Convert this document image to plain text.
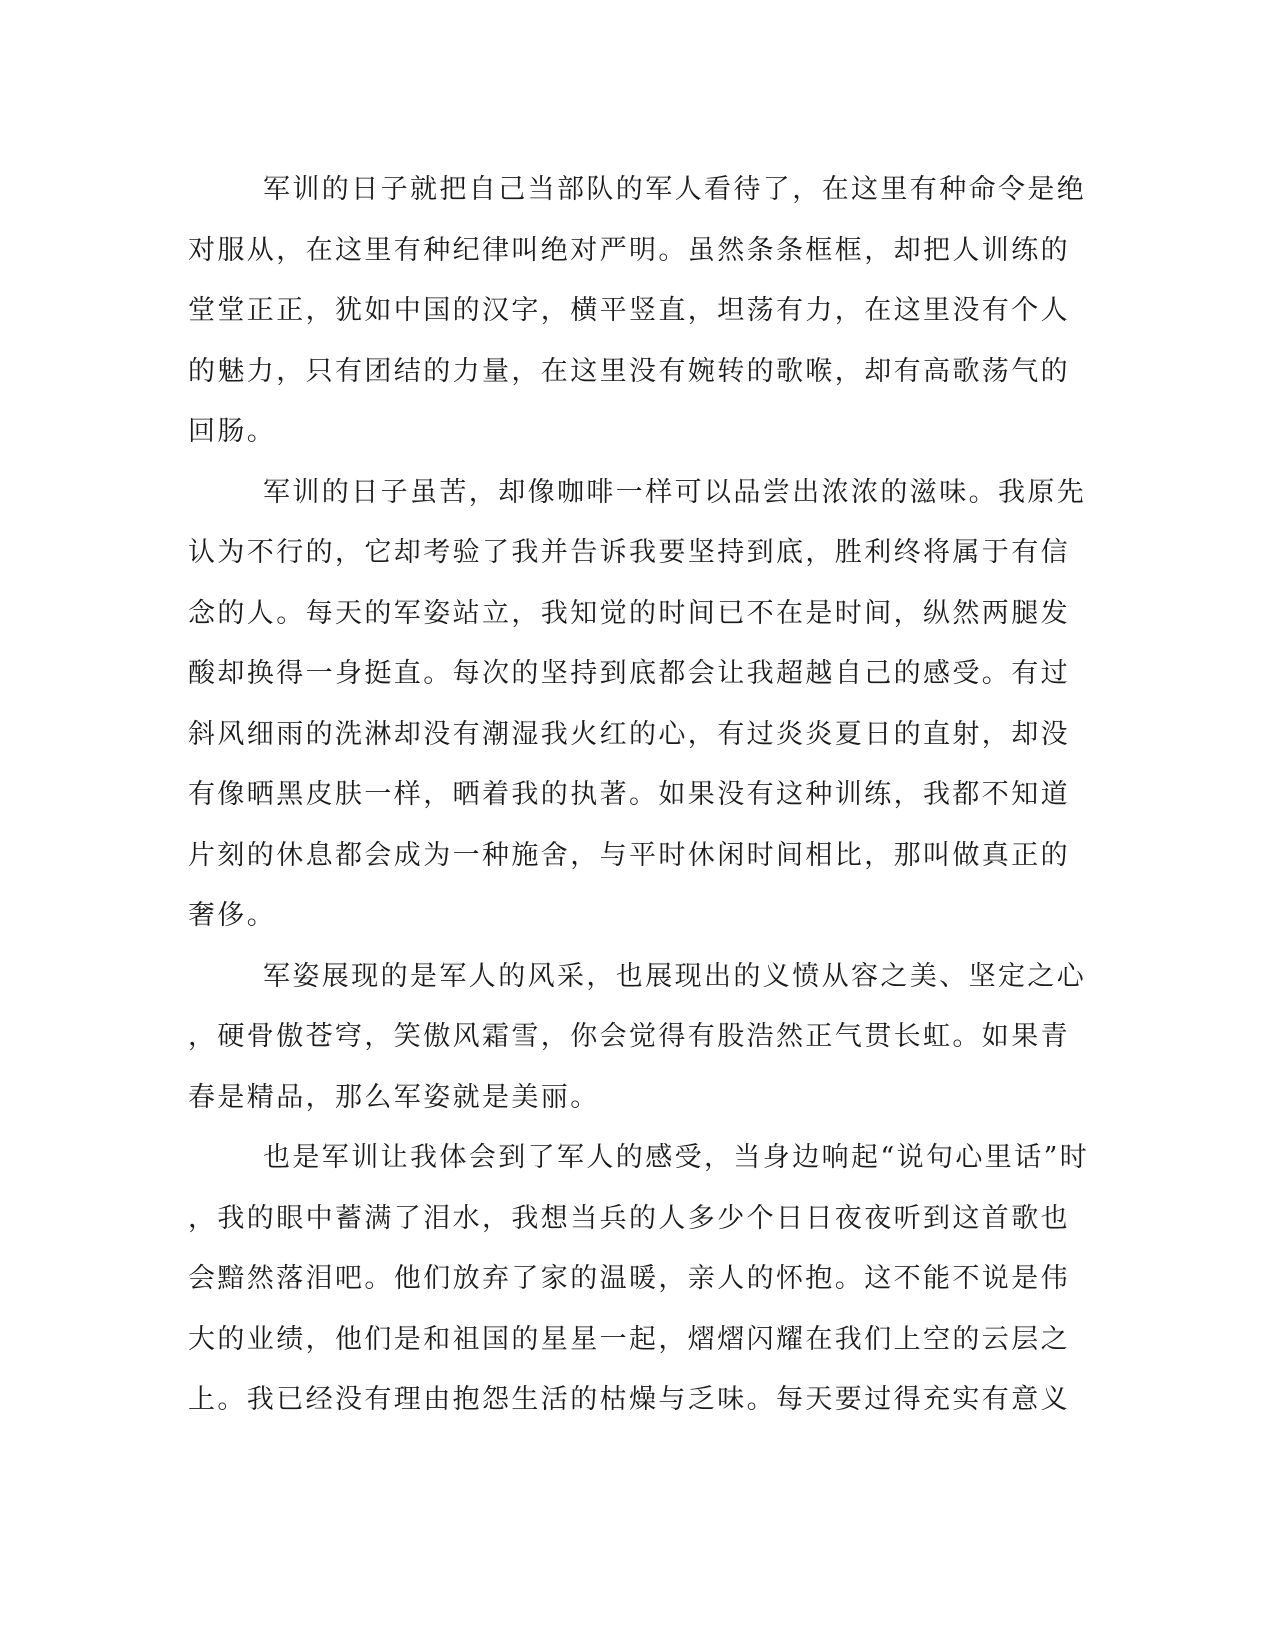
军训的日子就把自己当部队的军人看待了，在这里有种命令是绝
对服从，在这里有种纪律叫绝对严明。虽然条条框框，却把人训练的
堂堂正正，犹如中国的汉字，横平竖直，坦荡有力，在这里没有个人
的魅力，只有团结的力量，在这里没有婉转的歌喉，却有高歌荡气的
回肠。
军训的日子虽苦，却像咖啡一样可以品尝出浓浓的滋味。我原先
认为不行的，它却考验了我并告诉我要坚持到底，胜利终将属于有信
念的人。每天的军姿站立，我知觉的时间已不在是时间，纵然两腿发
酸却换得一身挺直。每次的坚持到底都会让我超越自己的感受。有过
斜风细雨的洗淋却没有潮湿我火红的心，有过炎炎夏日的直射，却没
有像晒黑皮肤一样，晒着我的执著。如果没有这种训练，我都不知道
片刻的休息都会成为一种施舍，与平时休闲时间相比，那叫做真正的
奢侈。
军姿展现的是军人的风采，也展现出的义愤从容之美、坚定之心
，硬骨傲苍穹，笑傲风霜雪，你会觉得有股浩然正气贯长虹。如果青
春是精品，那么军姿就是美丽。
也是军训让我体会到了军人的感受，当身边响起“说句心里话”时
，我的眼中蓄满了泪水，我想当兵的人多少个日日夜夜听到这首歌也
会黯然落泪吧。他们放弃了家的温暖，亲人的怀抱。这不能不说是伟
大的业绩，他们是和祖国的星星一起，熠熠闪耀在我们上空的云层之
上。我已经没有理由抱怨生活的枯燥与乏味。每天要过得充实有意义
